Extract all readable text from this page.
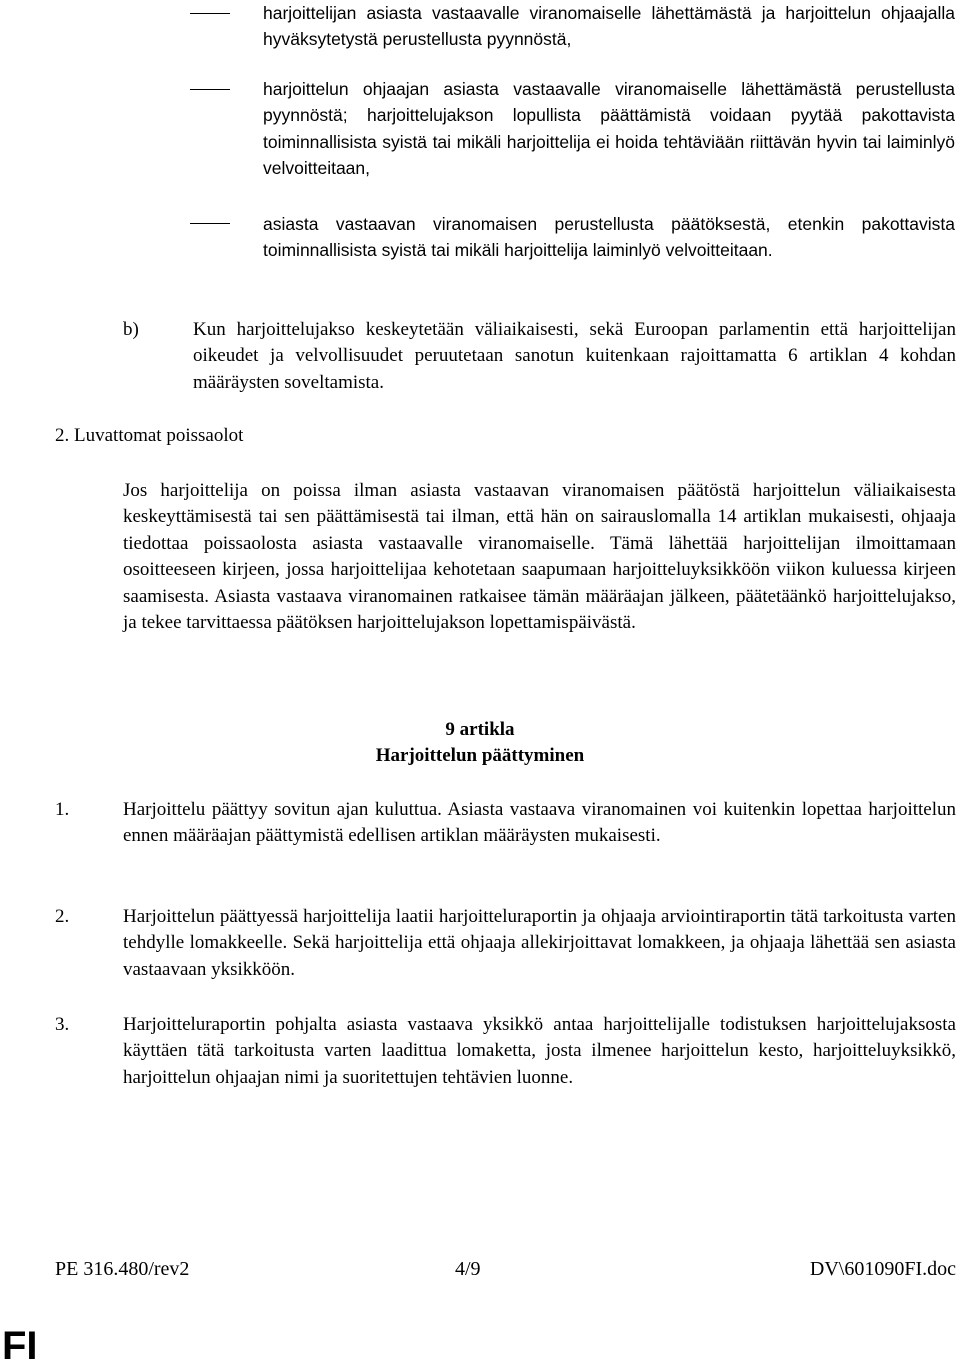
harjoittelijan asiasta vastaavalle viranomaiselle lähettämästä ja harjoittelun ohjaajalla hyväksytetystä perustellusta pyynnöstä,
harjoittelun ohjaajan asiasta vastaavalle viranomaiselle lähettämästä perustellusta pyynnöstä; harjoittelujakson lopullista päättämistä voidaan pyytää pakottavista toiminnallisista syistä tai mikäli harjoittelija ei hoida tehtäviään riittävän hyvin tai laiminlyö velvoitteitaan,
asiasta vastaavan viranomaisen perustellusta päätöksestä, etenkin pakottavista toiminnallisista syistä tai mikäli harjoittelija laiminlyö velvoitteitaan.
b)	Kun harjoittelujakso keskeytetään väliaikaisesti, sekä Euroopan parlamentin että harjoittelijan oikeudet ja velvollisuudet peruutetaan sanotun kuitenkaan rajoittamatta 6 artiklan 4 kohdan määräysten soveltamista.
2. Luvattomat poissaolot
Jos harjoittelija on poissa ilman asiasta vastaavan viranomaisen päätöstä harjoittelun väliaikaisesta keskeyttämisestä tai sen päättämisestä tai ilman, että hän on sairauslomalla 14 artiklan mukaisesti, ohjaaja tiedottaa poissaolosta asiasta vastaavalle viranomaiselle. Tämä lähettää harjoittelijan ilmoittamaan osoitteeseen kirjeen, jossa harjoittelijaa kehotetaan saapumaan harjoitteluyksikköön viikon kuluessa kirjeen saamisesta. Asiasta vastaava viranomainen ratkaisee tämän määräajan jälkeen, päätetäänkö harjoittelujakso, ja tekee tarvittaessa päätöksen harjoittelujakson lopettamispäivästä.
9 artikla
Harjoittelun päättyminen
1.	Harjoittelu päättyy sovitun ajan kuluttua. Asiasta vastaava viranomainen voi kuitenkin lopettaa harjoittelun ennen määräajan päättymistä edellisen artiklan määräysten mukaisesti.
2.	Harjoittelun päättyessä harjoittelija laatii harjoitteluraportin ja ohjaaja arviointiraportin tätä tarkoitusta varten tehdylle lomakkeelle. Sekä harjoittelija että ohjaaja allekirjoittavat lomakkeen, ja ohjaaja lähettää sen asiasta vastaavaan yksikköön.
3.	Harjoitteluraportin pohjalta asiasta vastaava yksikkö antaa harjoittelijalle todistuksen harjoittelujaksosta käyttäen tätä tarkoitusta varten laadittua lomaketta, josta ilmenee harjoittelun kesto, harjoitteluyksikkö, harjoittelun ohjaajan nimi ja suoritettujen tehtävien luonne.
PE 316.480/rev2	4/9	DV\601090FI.doc
FI
